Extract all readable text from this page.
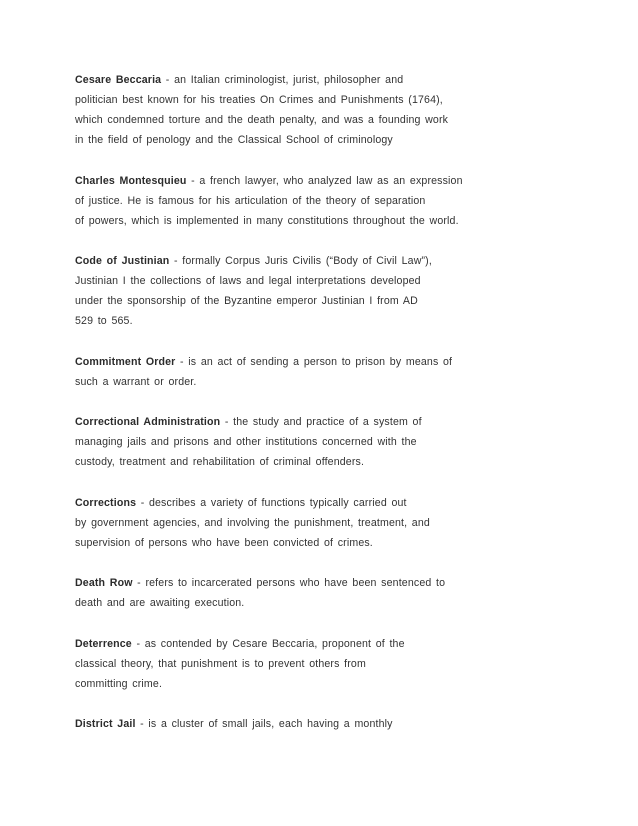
Cesare Beccaria - an Italian criminologist, jurist, philosopher and
politician best known for his treaties On Crimes and Punishments (1764),
which condemned torture and the death penalty, and was a founding work
in the field of penology and the Classical School of criminology
Charles Montesquieu - a french lawyer, who analyzed law as an expression
of justice. He is famous for his articulation of the theory of separation
of powers, which is implemented in many constitutions throughout the world.
Code of Justinian - formally Corpus Juris Civilis (“Body of Civil Law”),
Justinian I the collections of laws and legal interpretations developed
under the sponsorship of the Byzantine emperor Justinian I from AD
529 to 565.
Commitment Order - is an act of sending a person to prison by means of
such a warrant or order.
Correctional Administration - the study and practice of a system of
managing jails and prisons and other institutions concerned with the
custody, treatment and rehabilitation of criminal offenders.
Corrections - describes a variety of functions typically carried out
by government agencies, and involving the punishment, treatment, and
supervision of persons who have been convicted of crimes.
Death Row - refers to incarcerated persons who have been sentenced to
death and are awaiting execution.
Deterrence - as contended by Cesare Beccaria, proponent of the
classical theory, that punishment is to prevent others from
committing crime.
District Jail - is a cluster of small jails, each having a monthly
